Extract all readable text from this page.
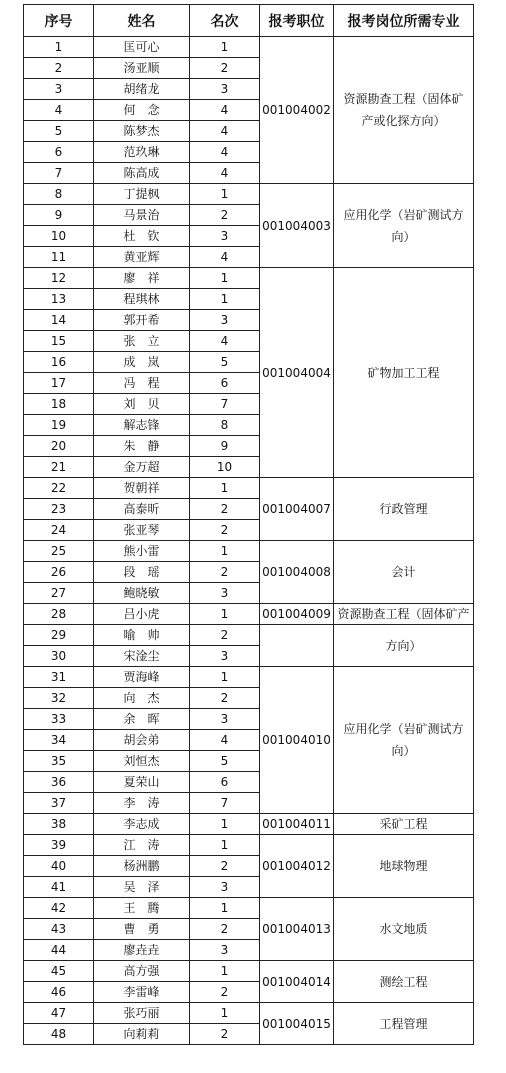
序号	姓名	名次	报考职位	报考岗位所需专业
1	匡可心	1	001004002	资源勘查工程（固体矿产或化探方向）
2	汤亚顺	2		
3	胡绪龙	3		
4	何　念	4		
5	陈梦杰	4		
6	范玖琳	4		
7	陈高成	4		
8	丁提枫	1	001004003	应用化学（岩矿测试方向）
9	马景治	2		
10	杜　钦	3		
11	黄亚辉	4		
12	廖　祥	1	001004004	矿物加工工程
13	程琪林	1		
14	郭开希	3		
15	张　立	4		
16	成　岚	5		
17	冯　程	6		
18	刘　贝	7		
19	解志锋	8		
20	朱　静	9		
21	金万超	10		
22	贺朝祥	1	001004007	行政管理
23	高泰昕	2		
24	张亚琴	2		
25	熊小雷	1	001004008	会计
26	段　瑶	2		
27	鲍晓敏	3		
28	吕小虎	1	001004009	资源勘查工程（固体矿产
29	喻　帅	2		方向）
30	宋淦尘	3		
31	贾海峰	1	001004010	应用化学（岩矿测试方向）
32	向　杰	2		
33	余　晖	3		
34	胡会弟	4		
35	刘恒杰	5		
36	夏荣山	6		
37	李　涛	7		
38	李志成	1	001004011	采矿工程
39	江　涛	1	001004012	地球物理
40	杨洲鹏	2		
41	吴　泽	3		
42	王　腾	1	001004013	水文地质
43	曹　勇	2		
44	廖垚垚	3		
45	高方强	1	001004014	测绘工程
46	李雷峰	2		
47	张巧丽	1	001004015	工程管理
48	向莉莉	2		
